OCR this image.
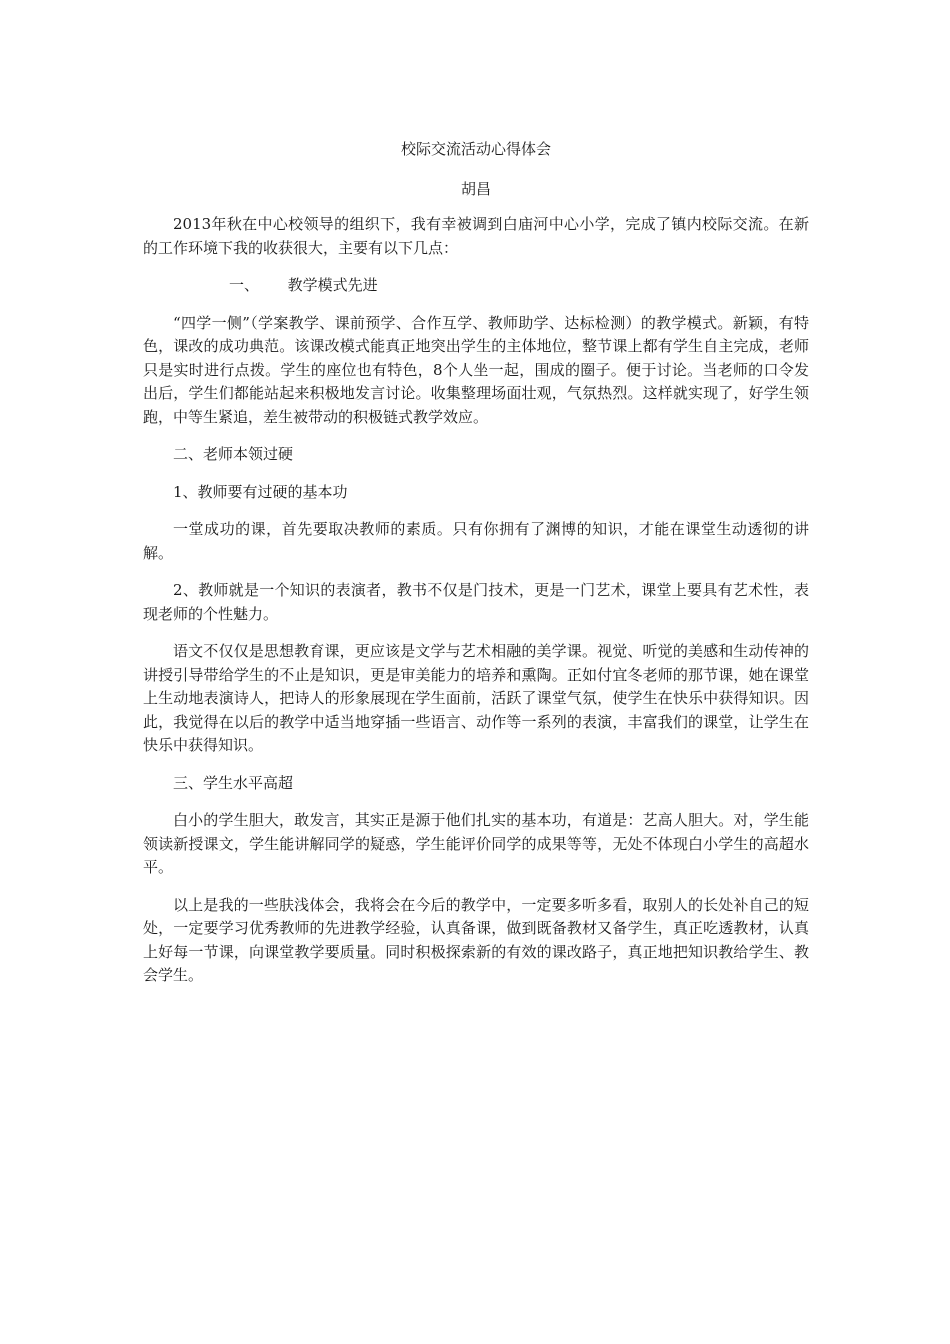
校际交流活动心得体会
胡昌

2013年秋在中心校领导的组织下，我有幸被调到白庙河中心小学，完成了镇内校际交流。在新的工作环境下我的收获很大，主要有以下几点：

一、 教学模式先进

“四学一侧”（学案教学、课前预学、合作互学、教师助学、达标检测）的教学模式。新颖，有特色，课改的成功典范。该课改模式能真正地突出学生的主体地位，整节课上都有学生自主完成，老师只是实时进行点拨。学生的座位也有特色，8个人坐一起，围成的圈子。便于讨论。当老师的口令发出后，学生们都能站起来积极地发言讨论。收集整理场面壮观，气氛热烈。这样就实现了，好学生领跑，中等生紧追，差生被带动的积极链式教学效应。

二、老师本领过硬
1、教师要有过硬的基本功

一堂成功的课，首先要取决教师的素质。只有你拥有了渊博的知识，才能在课堂生动透彻的讲解。

2、教师就是一个知识的表演者，教书不仅是门技术，更是一门艺术，课堂上要具有艺术性，表现老师的个性魅力。

语文不仅仅是思想教育课，更应该是文学与艺术相融的美学课。视觉、听觉的美感和生动传神的讲授引导带给学生的不止是知识，更是审美能力的培养和熏陶。正如付宜冬老师的那节课，她在课堂上生动地表演诗人，把诗人的形象展现在学生面前，活跃了课堂气氛，使学生在快乐中获得知识。因此，我觉得在以后的教学中适当地穿插一些语言、动作等一系列的表演，丰富我们的课堂，让学生在快乐中获得知识。

三、学生水平高超

白小的学生胆大，敢发言，其实正是源于他们扎实的基本功，有道是：艺高人胆大。对，学生能领读新授课文，学生能讲解同学的疑惑，学生能评价同学的成果等等，无处不体现白小学生的高超水平。

以上是我的一些肤浅体会，我将会在今后的教学中，一定要多听多看，取别人的长处补自己的短处，一定要学习优秀教师的先进教学经验，认真备课，做到既备教材又备学生，真正吃透教材，认真上好每一节课，向课堂教学要质量。同时积极探索新的有效的课改路子，真正地把知识教给学生、教会学生。
